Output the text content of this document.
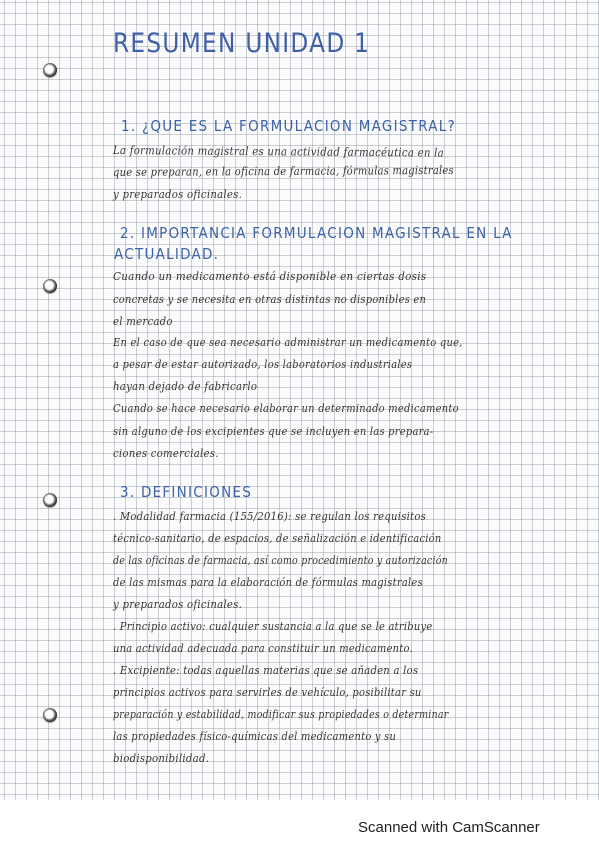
RESUMEN UNIDAD 1
1. ¿QUE ES LA FORMULACION MAGISTRAL?
La formulación magistral es una actividad farmacéutica en la
que se preparan, en la oficina de farmacia, fórmulas magistrales
y preparados oficinales.
2. IMPORTANCIA FORMULACION MAGISTRAL EN LA
ACTUALIDAD.
Cuando un medicamento está disponible en ciertas dosis
concretas y se necesita en otras distintas no disponibles en
el mercado
En el caso de que sea necesario administrar un medicamento que,
a pesar de estar autorizado, los laboratorios industriales
hayan dejado de fabricarlo
Cuando se hace necesario elaborar un determinado medicamento
sin alguno de los excipientes que se incluyen en las prepara-
ciones comerciales.
3. DEFINICIONES
. Modalidad farmacia (155/2016): se regulan los requisitos
técnico-sanitario, de espacios, de señalización e identificación
de las oficinas de farmacia, así como procedimiento y autorización
de las mismas para la elaboración de fórmulas magistrales
y preparados oficinales.
. Principio activo: cualquier sustancia a la que se le atribuye
una actividad adecuada para constituir un medicamento.
. Excipiente: todas aquellas materias que se añaden a los
principios activos para servirles de vehículo, posibilitar su
preparación y estabilidad, modificar sus propiedades o determinar
las propiedades físico-químicas del medicamento y su
biodisponibilidad.
Scanned with CamScanner
